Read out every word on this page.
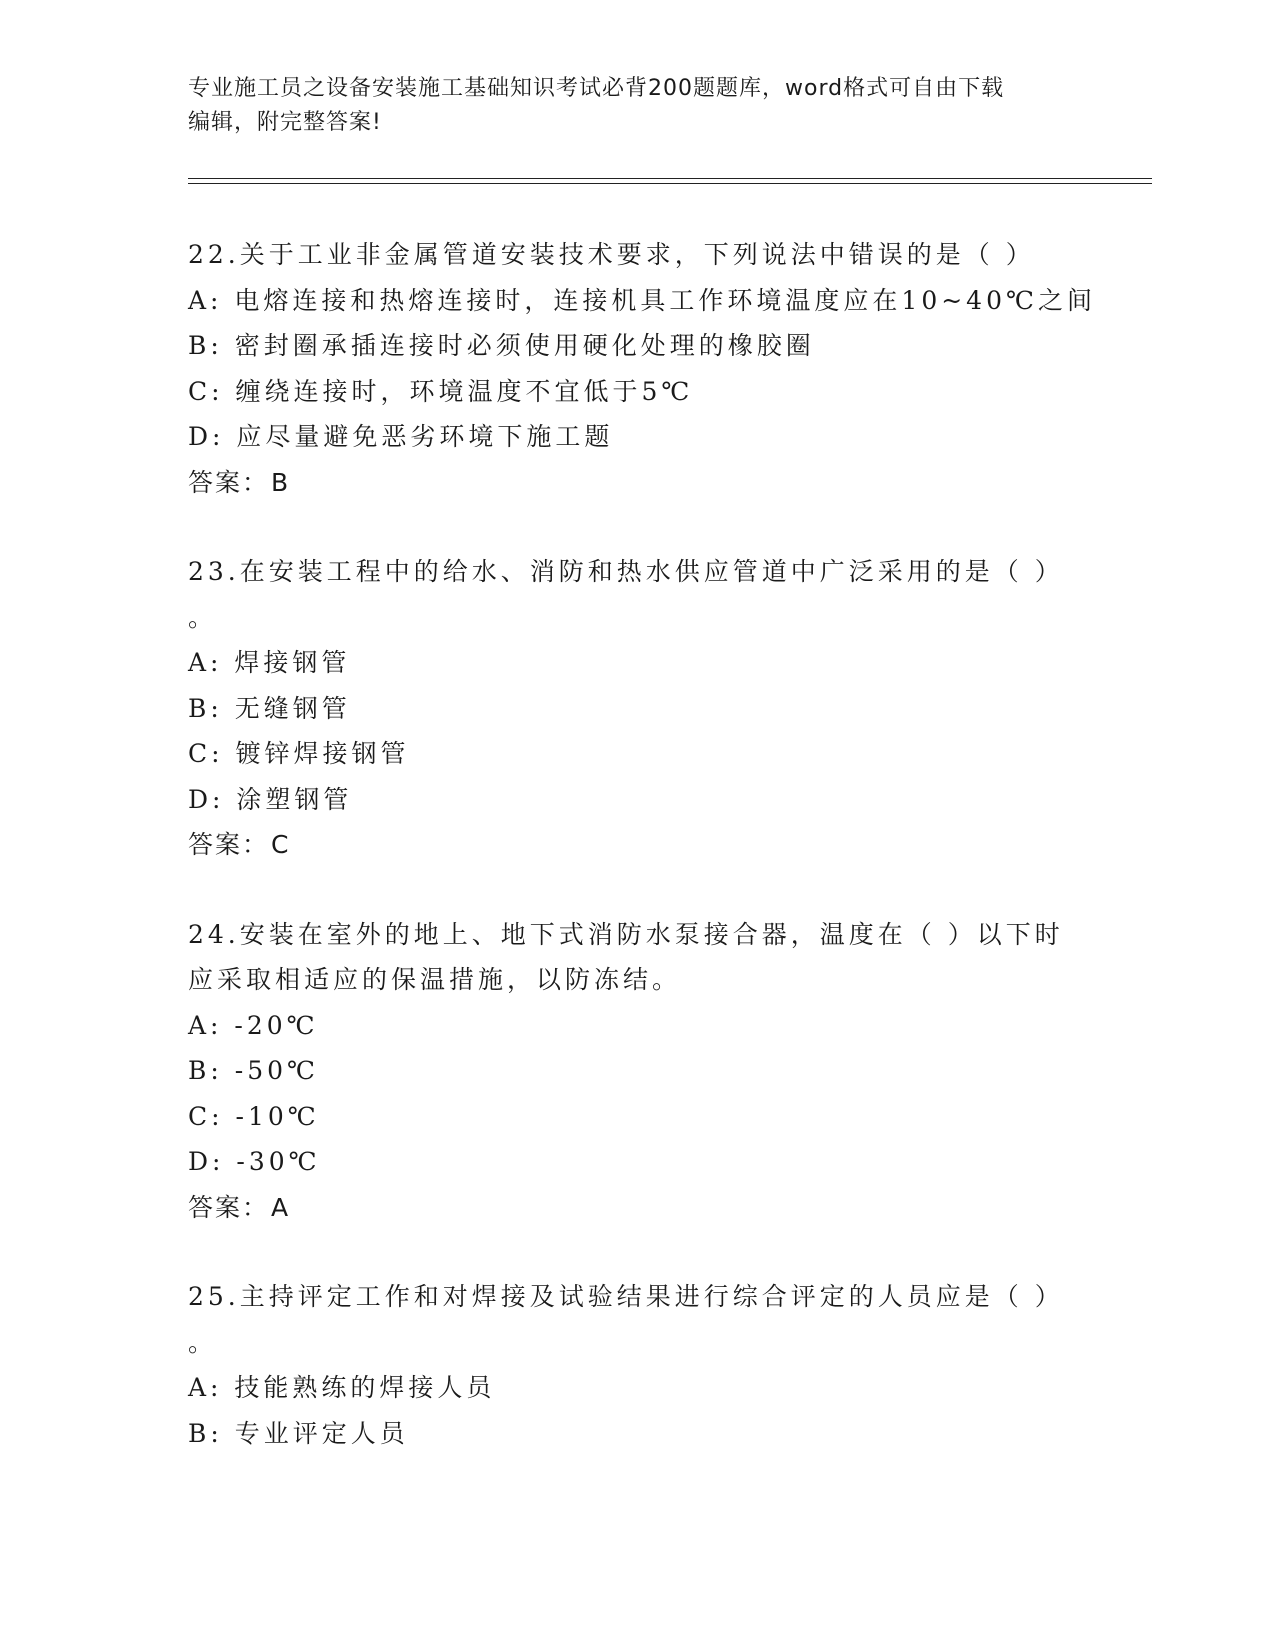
专业施工员之设备安装施工基础知识考试必背200题题库，word格式可自由下载
编辑，附完整答案!
22.关于工业非金属管道安装技术要求，下列说法中错误的是（ ）
A: 电熔连接和热熔连接时，连接机具工作环境温度应在10~40℃之间
B: 密封圈承插连接时必须使用硬化处理的橡胶圈
C: 缠绕连接时，环境温度不宜低于5℃
D: 应尽量避免恶劣环境下施工题
答案：B
23.在安装工程中的给水、消防和热水供应管道中广泛采用的是（ ）
。
A: 焊接钢管
B: 无缝钢管
C: 镀锌焊接钢管
D: 涂塑钢管
答案：C
24.安装在室外的地上、地下式消防水泵接合器，温度在（ ）以下时
应采取相适应的保温措施，以防冻结。
A: -20℃
B: -50℃
C: -10℃
D: -30℃
答案：A
25.主持评定工作和对焊接及试验结果进行综合评定的人员应是（ ）
。
A: 技能熟练的焊接人员
B: 专业评定人员
